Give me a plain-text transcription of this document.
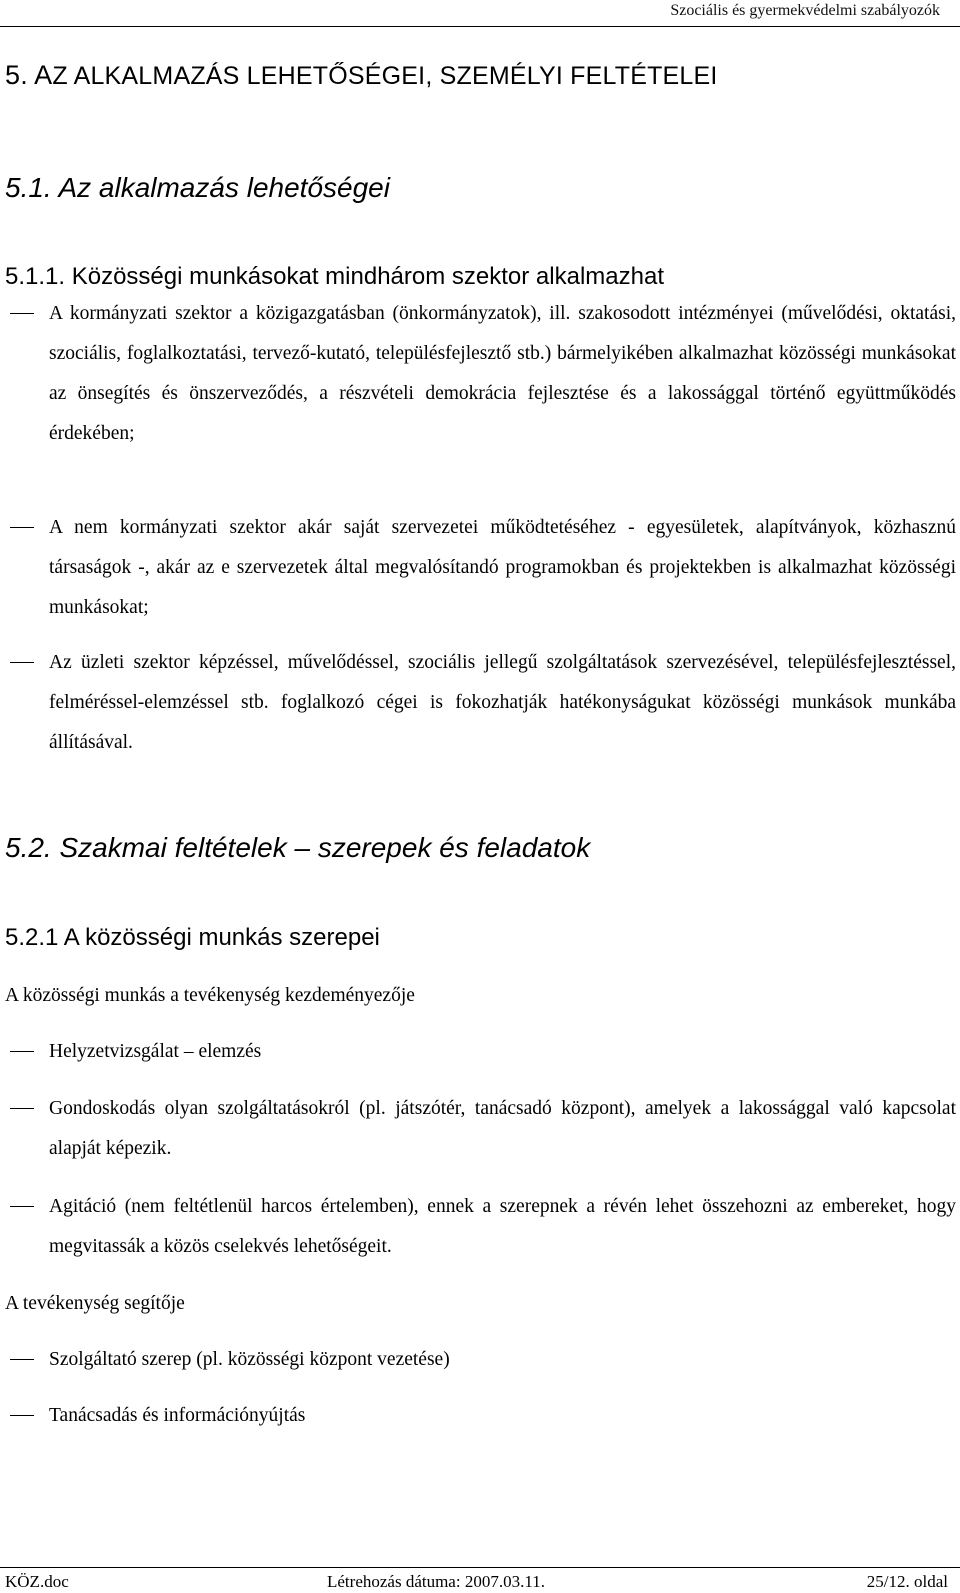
Szociális és gyermekvédelmi szabályozók
5. AZ ALKALMAZÁS LEHETŐSÉGEI, SZEMÉLYI FELTÉTELEI
5.1. Az alkalmazás lehetőségei
5.1.1. Közösségi munkásokat mindhárom szektor alkalmazhat
A kormányzati szektor a közigazgatásban (önkormányzatok), ill. szakosodott intézményei (művelődési, oktatási, szociális, foglalkoztatási, tervező-kutató, településfejlesztő stb.) bármelyikében alkalmazhat közösségi munkásokat az önsegítés és önszerveződés, a részvételi demokrácia fejlesztése és a lakossággal történő együttműködés érdekében;
A nem kormányzati szektor akár saját szervezetei működtetéséhez - egyesületek, alapítványok, közhasznú társaságok -, akár az e szervezetek által megvalósítandó programokban és projektekben is alkalmazhat közösségi munkásokat;
Az üzleti szektor képzéssel, művelődéssel, szociális jellegű szolgáltatások szervezésével, településfejlesztéssel, felméréssel-elemzéssel stb. foglalkozó cégei is fokozhatják hatékonyságukat közösségi munkások munkába állításával.
5.2. Szakmai feltételek – szerepek és feladatok
5.2.1 A közösségi munkás szerepei
A közösségi munkás a tevékenység kezdeményezője
Helyzetvizsgálat – elemzés
Gondoskodás olyan szolgáltatásokról (pl. játszótér, tanácsadó központ), amelyek a lakossággal való kapcsolat alapját képezik.
Agitáció (nem feltétlenül harcos értelemben), ennek a szerepnek a révén lehet összehozni az embereket, hogy megvitassák a közös cselekvés lehetőségeit.
A tevékenység segítője
Szolgáltató szerep (pl. közösségi központ vezetése)
Tanácsadás és információnyújtás
KÖZ.doc	Létrehozás dátuma: 2007.03.11.	25/12. oldal
